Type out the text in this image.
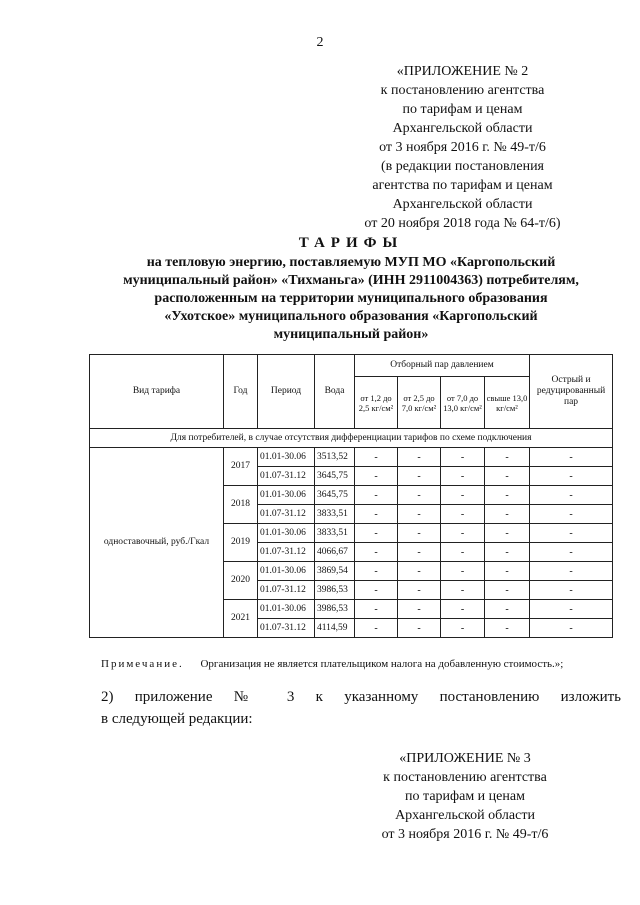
2
«ПРИЛОЖЕНИЕ № 2
к постановлению агентства
по тарифам и ценам
Архангельской области
от 3 ноября 2016 г. № 49-т/6
(в редакции постановления
агентства по тарифам и ценам
Архангельской области
от 20 ноября 2018 года № 64-т/6)
ТАРИФЫ
на тепловую энергию, поставляемую МУП МО «Каргопольский
муниципальный район» «Тихманьга» (ИНН 2911004363) потребителям,
расположенным на территории муниципального образования
«Ухотское» муниципального образования «Каргопольский
муниципальный район»
Вид тарифа	Год	Период	Вода	Отборный пар давлением				Острый и редуцированный пар
				от 1,2 до 2,5 кг/см²	от 2,5 до 7,0 кг/см²	от 7,0 до 13,0 кг/см²	свыше 13,0 кг/см²	
Для потребителей, в случае отсутствия дифференциации тарифов по схеме подключения								
одноставочный, руб./Гкал	2017	01.01-30.06	3513,52	-	-	-	-	-
		01.07-31.12	3645,75	-	-	-	-	-
	2018	01.01-30.06	3645,75	-	-	-	-	-
		01.07-31.12	3833,51	-	-	-	-	-
	2019	01.01-30.06	3833,51	-	-	-	-	-
		01.07-31.12	4066,67	-	-	-	-	-
	2020	01.01-30.06	3869,54	-	-	-	-	-
		01.07-31.12	3986,53	-	-	-	-	-
	2021	01.01-30.06	3986,53	-	-	-	-	-
		01.07-31.12	4114,59	-	-	-	-	-
Примечание. Организация не является плательщиком налога на добавленную стоимость.»;
2) приложение № 3 к указанному постановлению изложить
в следующей редакции:
«ПРИЛОЖЕНИЕ № 3
к постановлению агентства
по тарифам и ценам
Архангельской области
от 3 ноября 2016 г. № 49-т/6
